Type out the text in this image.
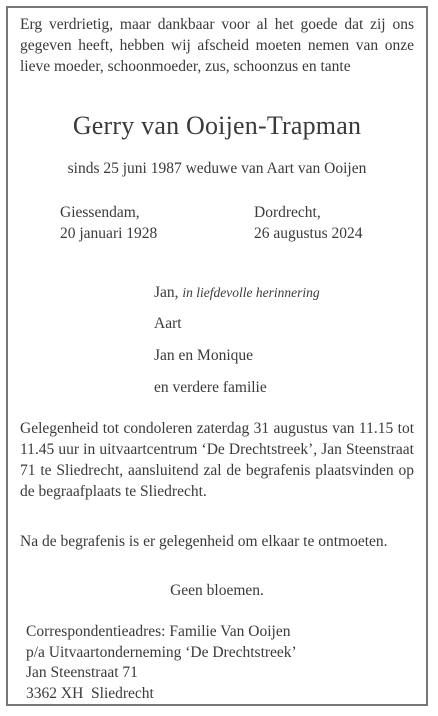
Erg verdrietig, maar dankbaar voor al het goede dat zij ons gegeven heeft, hebben wij afscheid moeten nemen van onze lieve moeder, schoonmoeder, zus, schoonzus en tante

Gerry van Ooijen-Trapman
sinds 25 juni 1987 weduwe van Aart van Ooijen
Giessendam,
20 januari 1928
Dordrecht,
26 augustus 2024
Jan, in liefdevolle herinnering
Aart
Jan en Monique
en verdere familie

Gelegenheid tot condoleren zaterdag 31 augustus van 11.15 tot 11.45 uur in uitvaartcentrum ‘De Drechtstreek’, Jan Steenstraat 71 te Sliedrecht, aansluitend zal de begrafenis plaatsvinden op de begraafplaats te Sliedrecht.

Na de begrafenis is er gelegenheid om elkaar te ontmoeten.

Geen bloemen.
Correspondentieadres: Familie Van Ooijen
p/a Uitvaartonderneming ‘De Drechtstreek’
Jan Steenstraat 71
3362 XH  Sliedrecht
